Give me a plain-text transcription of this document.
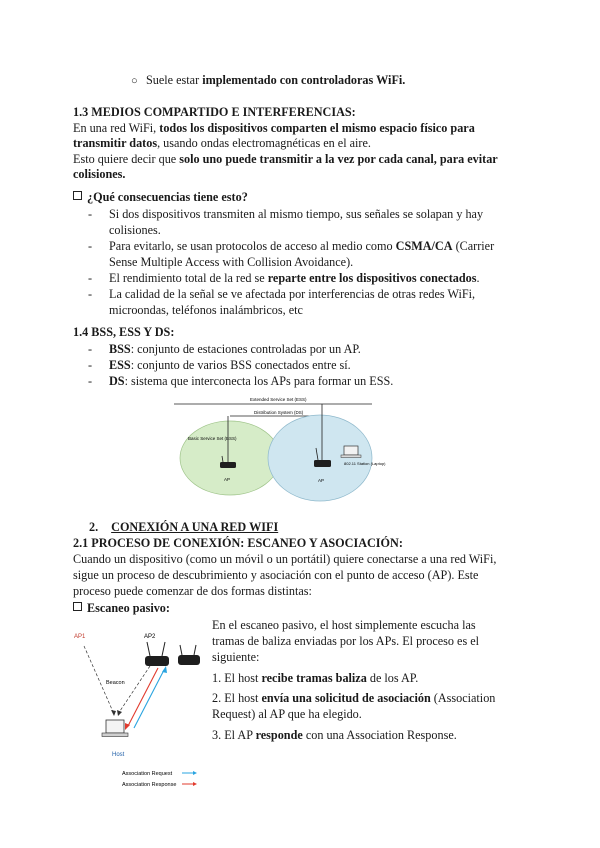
○ Suele estar implementado con controladoras WiFi.

1.3 MEDIOS COMPARTIDO E INTERFERENCIAS:

En una red WiFi, todos los dispositivos comparten el mismo espacio físico para

transmitir datos, usando ondas electromagnéticas en el aire.

Esto quiere decir que solo uno puede transmitir a la vez por cada canal, para evitar

colisiones.

¿Qué consecuencias tiene esto?

- Si dos dispositivos transmiten al mismo tiempo, sus señales se solapan y hay
colisiones.
- Para evitarlo, se usan protocolos de acceso al medio como CSMA/CA (Carrier
Sense Multiple Access with Collision Avoidance).
- El rendimiento total de la red se reparte entre los dispositivos conectados.
- La calidad de la señal se ve afectada por interferencias de otras redes WiFi,
microondas, teléfonos inalámbricos, etc

1.4 BSS, ESS Y DS:

- BSS: conjunto de estaciones controladas por un AP.
- ESS: conjunto de varios BSS conectados entre sí.
- DS: sistema que interconecta los APs para formar un ESS.
Extended Service Set (ESS)
Distribution System (DS)
Basic Service Set (BSS)
AP	AP
802.11 Station (Laptop)

2. CONEXIÓN A UNA RED WIFI

2.1 PROCESO DE CONEXIÓN: ESCANEO Y ASOCIACIÓN:

Cuando un dispositivo (como un móvil o un portátil) quiere conectarse a una red WiFi,

sigue un proceso de descubrimiento y asociación con el punto de acceso (AP). Este

proceso puede comenzar de dos formas distintas:

Escaneo pasivo:

En el escaneo pasivo, el host simplemente escucha las

tramas de baliza enviadas por los APs. El proceso es el

siguiente:

1. El host recibe tramas baliza de los AP.

2. El host envía una solicitud de asociación (Association

Request) al AP que ha elegido.

3. El AP responde con una Association Response.

AP1	AP2
Beacon
Host
Association Request
Association Response
